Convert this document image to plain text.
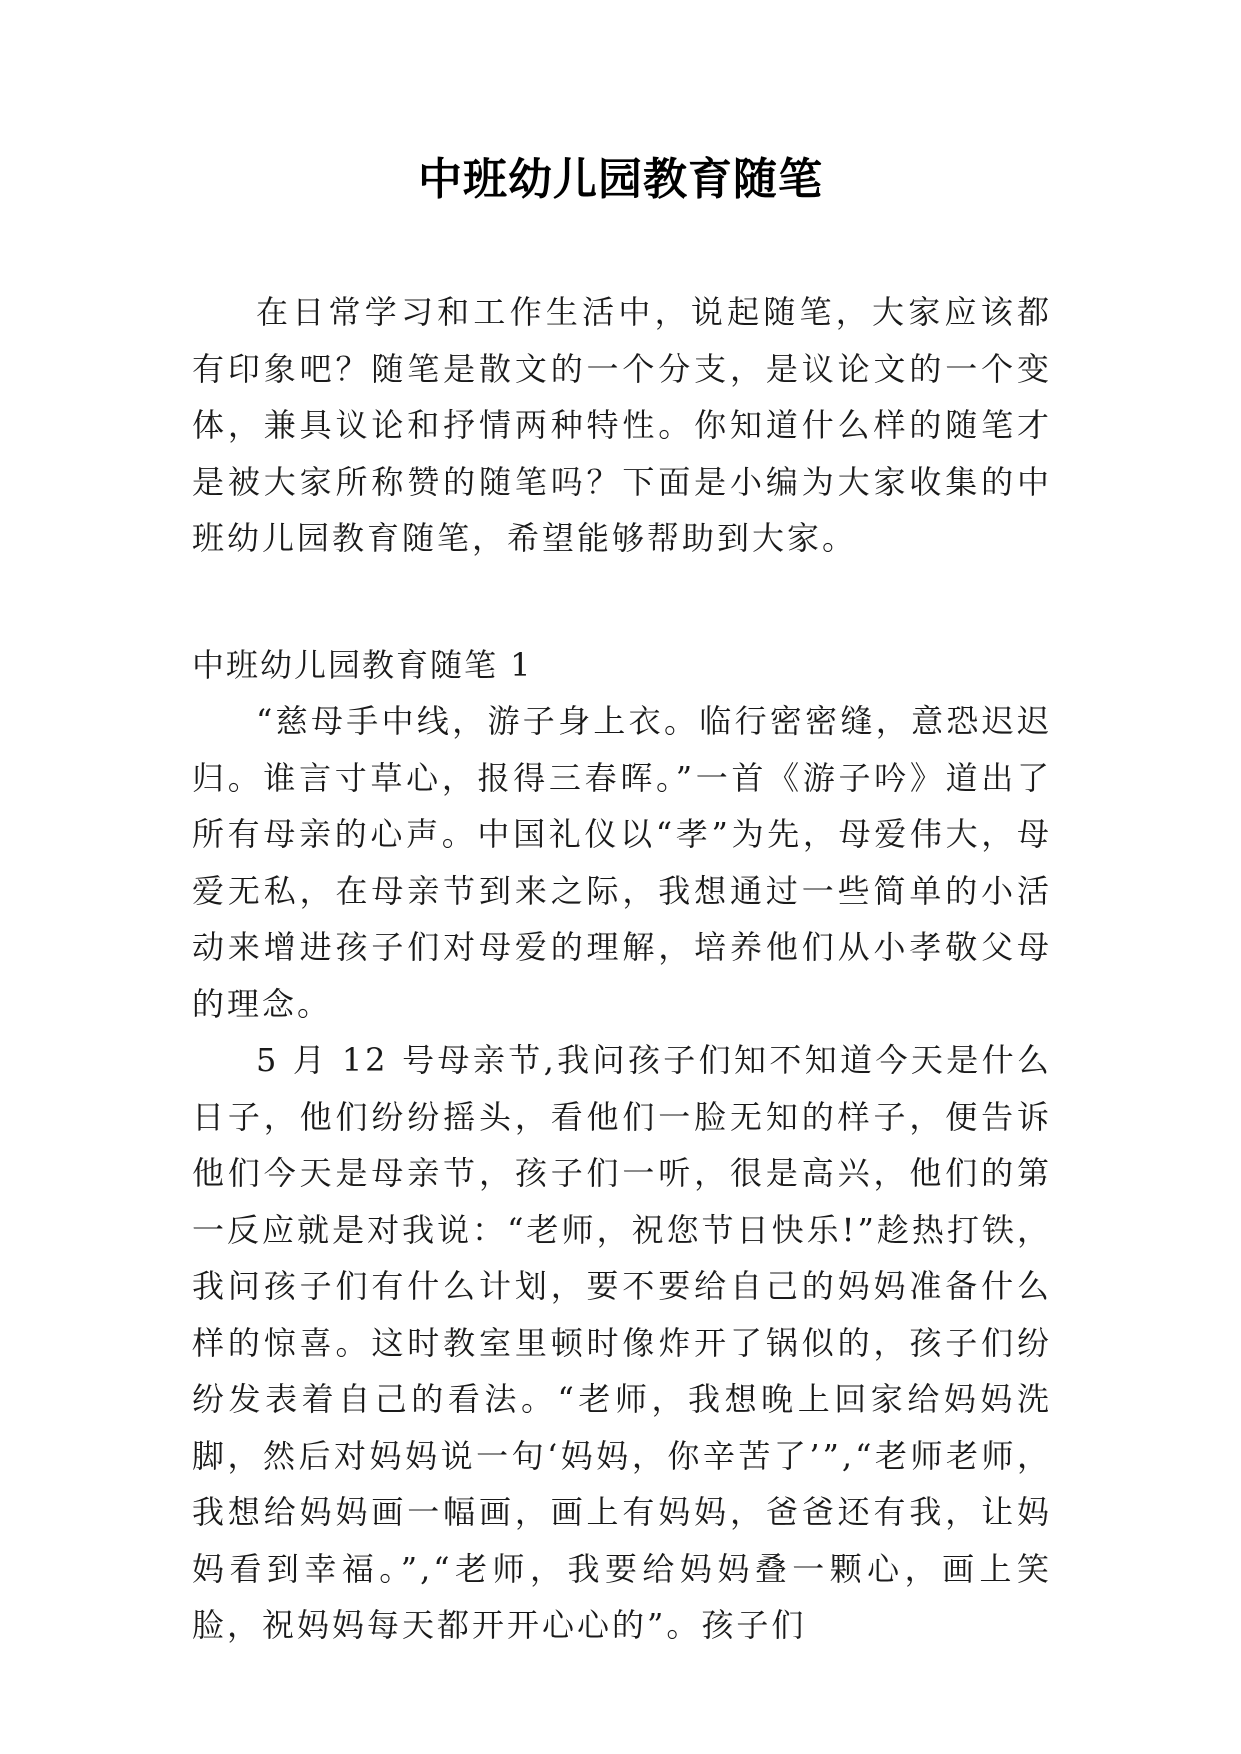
中班幼儿园教育随笔

在日常学习和工作生活中，说起随笔，大家应该都有印象吧？随笔是散文的一个分支，是议论文的一个变体，兼具议论和抒情两种特性。你知道什么样的随笔才是被大家所称赞的随笔吗？下面是小编为大家收集的中班幼儿园教育随笔，希望能够帮助到大家。

中班幼儿园教育随笔 1

“慈母手中线，游子身上衣。临行密密缝，意恐迟迟归。谁言寸草心，报得三春晖。”一首《游子吟》道出了所有母亲的心声。中国礼仪以“孝”为先，母爱伟大，母爱无私，在母亲节到来之际，我想通过一些简单的小活动来增进孩子们对母爱的理解，培养他们从小孝敬父母的理念。

5 月 12 号母亲节,我问孩子们知不知道今天是什么日子，他们纷纷摇头，看他们一脸无知的样子，便告诉他们今天是母亲节，孩子们一听，很是高兴，他们的第一反应就是对我说：“老师，祝您节日快乐!”趁热打铁，我问孩子们有什么计划，要不要给自己的妈妈准备什么样的惊喜。这时教室里顿时像炸开了锅似的，孩子们纷纷发表着自己的看法。“老师，我想晚上回家给妈妈洗脚，然后对妈妈说一句‘妈妈，你辛苦了’”,“老师老师，我想给妈妈画一幅画，画上有妈妈，爸爸还有我，让妈妈看到幸福。”,“老师，我要给妈妈叠一颗心，画上笑脸，祝妈妈每天都开开心心的”。孩子们
